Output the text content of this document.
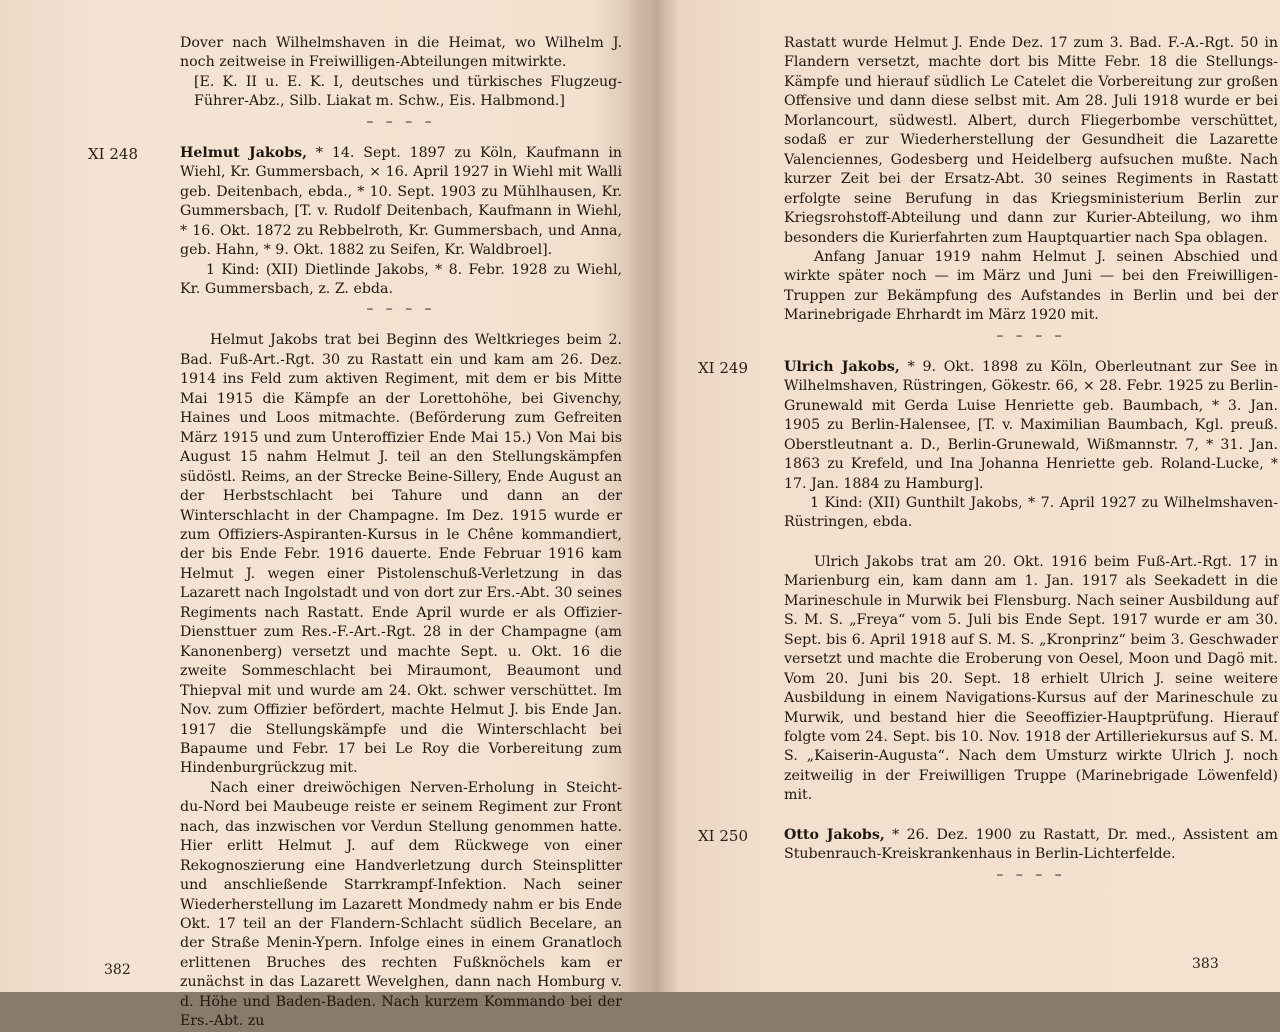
Dover nach Wilhelmshaven in die Heimat, wo Wilhelm J. noch zeitweise in Freiwilligen-Abteilungen mitwirkte.

[E. K. II u. E. K. I, deutsches und türkisches Flugzeug-Führer-Abz., Silb. Liakat m. Schw., Eis. Halbmond.]

– – – –
XI 248	Helmut Jakobs, * 14. Sept. 1897 zu Köln, Kaufmann in Wiehl, Kr. Gummersbach, ⨯ 16. April 1927 in Wiehl mit Walli geb. Deitenbach, ebda., * 10. Sept. 1903 zu Mühlhausen, Kr. Gummersbach, [T. v. Rudolf Deitenbach, Kaufmann in Wiehl, * 16. Okt. 1872 zu Rebbelroth, Kr. Gummersbach, und Anna, geb. Hahn, * 9. Okt. 1882 zu Seifen, Kr. Waldbroel].

1 Kind: (XII) Dietlinde Jakobs, * 8. Febr. 1928 zu Wiehl, Kr. Gummersbach, z. Z. ebda.

– – – –

Helmut Jakobs trat bei Beginn des Weltkrieges beim 2. Bad. Fuß-Art.-Rgt. 30 zu Rastatt ein und kam am 26. Dez. 1914 ins Feld zum aktiven Regiment, mit dem er bis Mitte Mai 1915 die Kämpfe an der Lorettohöhe, bei Givenchy, Haines und Loos mitmachte. (Beförderung zum Gefreiten März 1915 und zum Unteroffizier Ende Mai 15.) Von Mai bis August 15 nahm Helmut J. teil an den Stellungskämpfen südöstl. Reims, an der Strecke Beine-Sillery, Ende August an der Herbstschlacht bei Tahure und dann an der Winterschlacht in der Champagne. Im Dez. 1915 wurde er zum Offiziers-Aspiranten-Kursus in le Chêne kommandiert, der bis Ende Febr. 1916 dauerte. Ende Februar 1916 kam Helmut J. wegen einer Pistolenschuß-Verletzung in das Lazarett nach Ingolstadt und von dort zur Ers.-Abt. 30 seines Regiments nach Rastatt. Ende April wurde er als Offizier-Diensttuer zum Res.-F.-Art.-Rgt. 28 in der Champagne (am Kanonenberg) versetzt und machte Sept. u. Okt. 16 die zweite Sommeschlacht bei Miraumont, Beaumont und Thiepval mit und wurde am 24. Okt. schwer verschüttet. Im Nov. zum Offizier befördert, machte Helmut J. bis Ende Jan. 1917 die Stellungskämpfe und die Winterschlacht bei Bapaume und Febr. 17 bei Le Roy die Vorbereitung zum Hindenburgrückzug mit.

Nach einer dreiwöchigen Nerven-Erholung in Steicht-du-Nord bei Maubeuge reiste er seinem Regiment zur Front nach, das inzwischen vor Verdun Stellung genommen hatte. Hier erlitt Helmut J. auf dem Rückwege von einer Rekognoszierung eine Handverletzung durch Steinsplitter und anschließende Starrkrampf-Infektion. Nach seiner Wiederherstellung im Lazarett Mondmedy nahm er bis Ende Okt. 17 teil an der Flandern-Schlacht südlich Becelare, an der Straße Menin-Ypern. Infolge eines in einem Granatloch erlittenen Bruches des rechten Fußknöchels kam er zunächst in das Lazarett Wevelghen, dann nach Homburg v. d. Höhe und Baden-Baden. Nach kurzem Kommando bei der Ers.-Abt. zu

382

Rastatt wurde Helmut J. Ende Dez. 17 zum 3. Bad. F.-A.-Rgt. 50 in Flandern versetzt, machte dort bis Mitte Febr. 18 die Stellungs-Kämpfe und hierauf südlich Le Catelet die Vorbereitung zur großen Offensive und dann diese selbst mit. Am 28. Juli 1918 wurde er bei Morlancourt, südwestl. Albert, durch Fliegerbombe verschüttet, sodaß er zur Wiederherstellung der Gesundheit die Lazarette Valenciennes, Godesberg und Heidelberg aufsuchen mußte. Nach kurzer Zeit bei der Ersatz-Abt. 30 seines Regiments in Rastatt erfolgte seine Berufung in das Kriegsministerium Berlin zur Kriegsrohstoff-Abteilung und dann zur Kurier-Abteilung, wo ihm besonders die Kurierfahrten zum Hauptquartier nach Spa oblagen.

Anfang Januar 1919 nahm Helmut J. seinen Abschied und wirkte später noch — im März und Juni — bei den Freiwilligen-Truppen zur Bekämpfung des Aufstandes in Berlin und bei der Marinebrigade Ehrhardt im März 1920 mit.

– – – –
XI 249	Ulrich Jakobs, * 9. Okt. 1898 zu Köln, Oberleutnant zur See in Wilhelmshaven, Rüstringen, Gökestr. 66, ⨯ 28. Febr. 1925 zu Berlin-Grunewald mit Gerda Luise Henriette geb. Baumbach, * 3. Jan. 1905 zu Berlin-Halensee, [T. v. Maximilian Baumbach, Kgl. preuß. Oberstleutnant a. D., Berlin-Grunewald, Wißmannstr. 7, * 31. Jan. 1863 zu Krefeld, und Ina Johanna Henriette geb. Roland-Lucke, * 17. Jan. 1884 zu Hamburg].

1 Kind: (XII) Gunthilt Jakobs, * 7. April 1927 zu Wilhelmshaven-Rüstringen, ebda.

Ulrich Jakobs trat am 20. Okt. 1916 beim Fuß-Art.-Rgt. 17 in Marienburg ein, kam dann am 1. Jan. 1917 als Seekadett in die Marineschule in Murwik bei Flensburg. Nach seiner Ausbildung auf S. M. S. „Freya“ vom 5. Juli bis Ende Sept. 1917 wurde er am 30. Sept. bis 6. April 1918 auf S. M. S. „Kronprinz“ beim 3. Geschwader versetzt und machte die Eroberung von Oesel, Moon und Dagö mit. Vom 20. Juni bis 20. Sept. 18 erhielt Ulrich J. seine weitere Ausbildung in einem Navigations-Kursus auf der Marineschule zu Murwik, und bestand hier die Seeoffizier-Hauptprüfung. Hierauf folgte vom 24. Sept. bis 10. Nov. 1918 der Artilleriekursus auf S. M. S. „Kaiserin-Augusta“. Nach dem Umsturz wirkte Ulrich J. noch zeitweilig in der Freiwilligen Truppe (Marinebrigade Löwenfeld) mit.

XI 250	Otto Jakobs, * 26. Dez. 1900 zu Rastatt, Dr. med., Assistent am Stubenrauch-Kreiskrankenhaus in Berlin-Lichterfelde.

– – – –
383
